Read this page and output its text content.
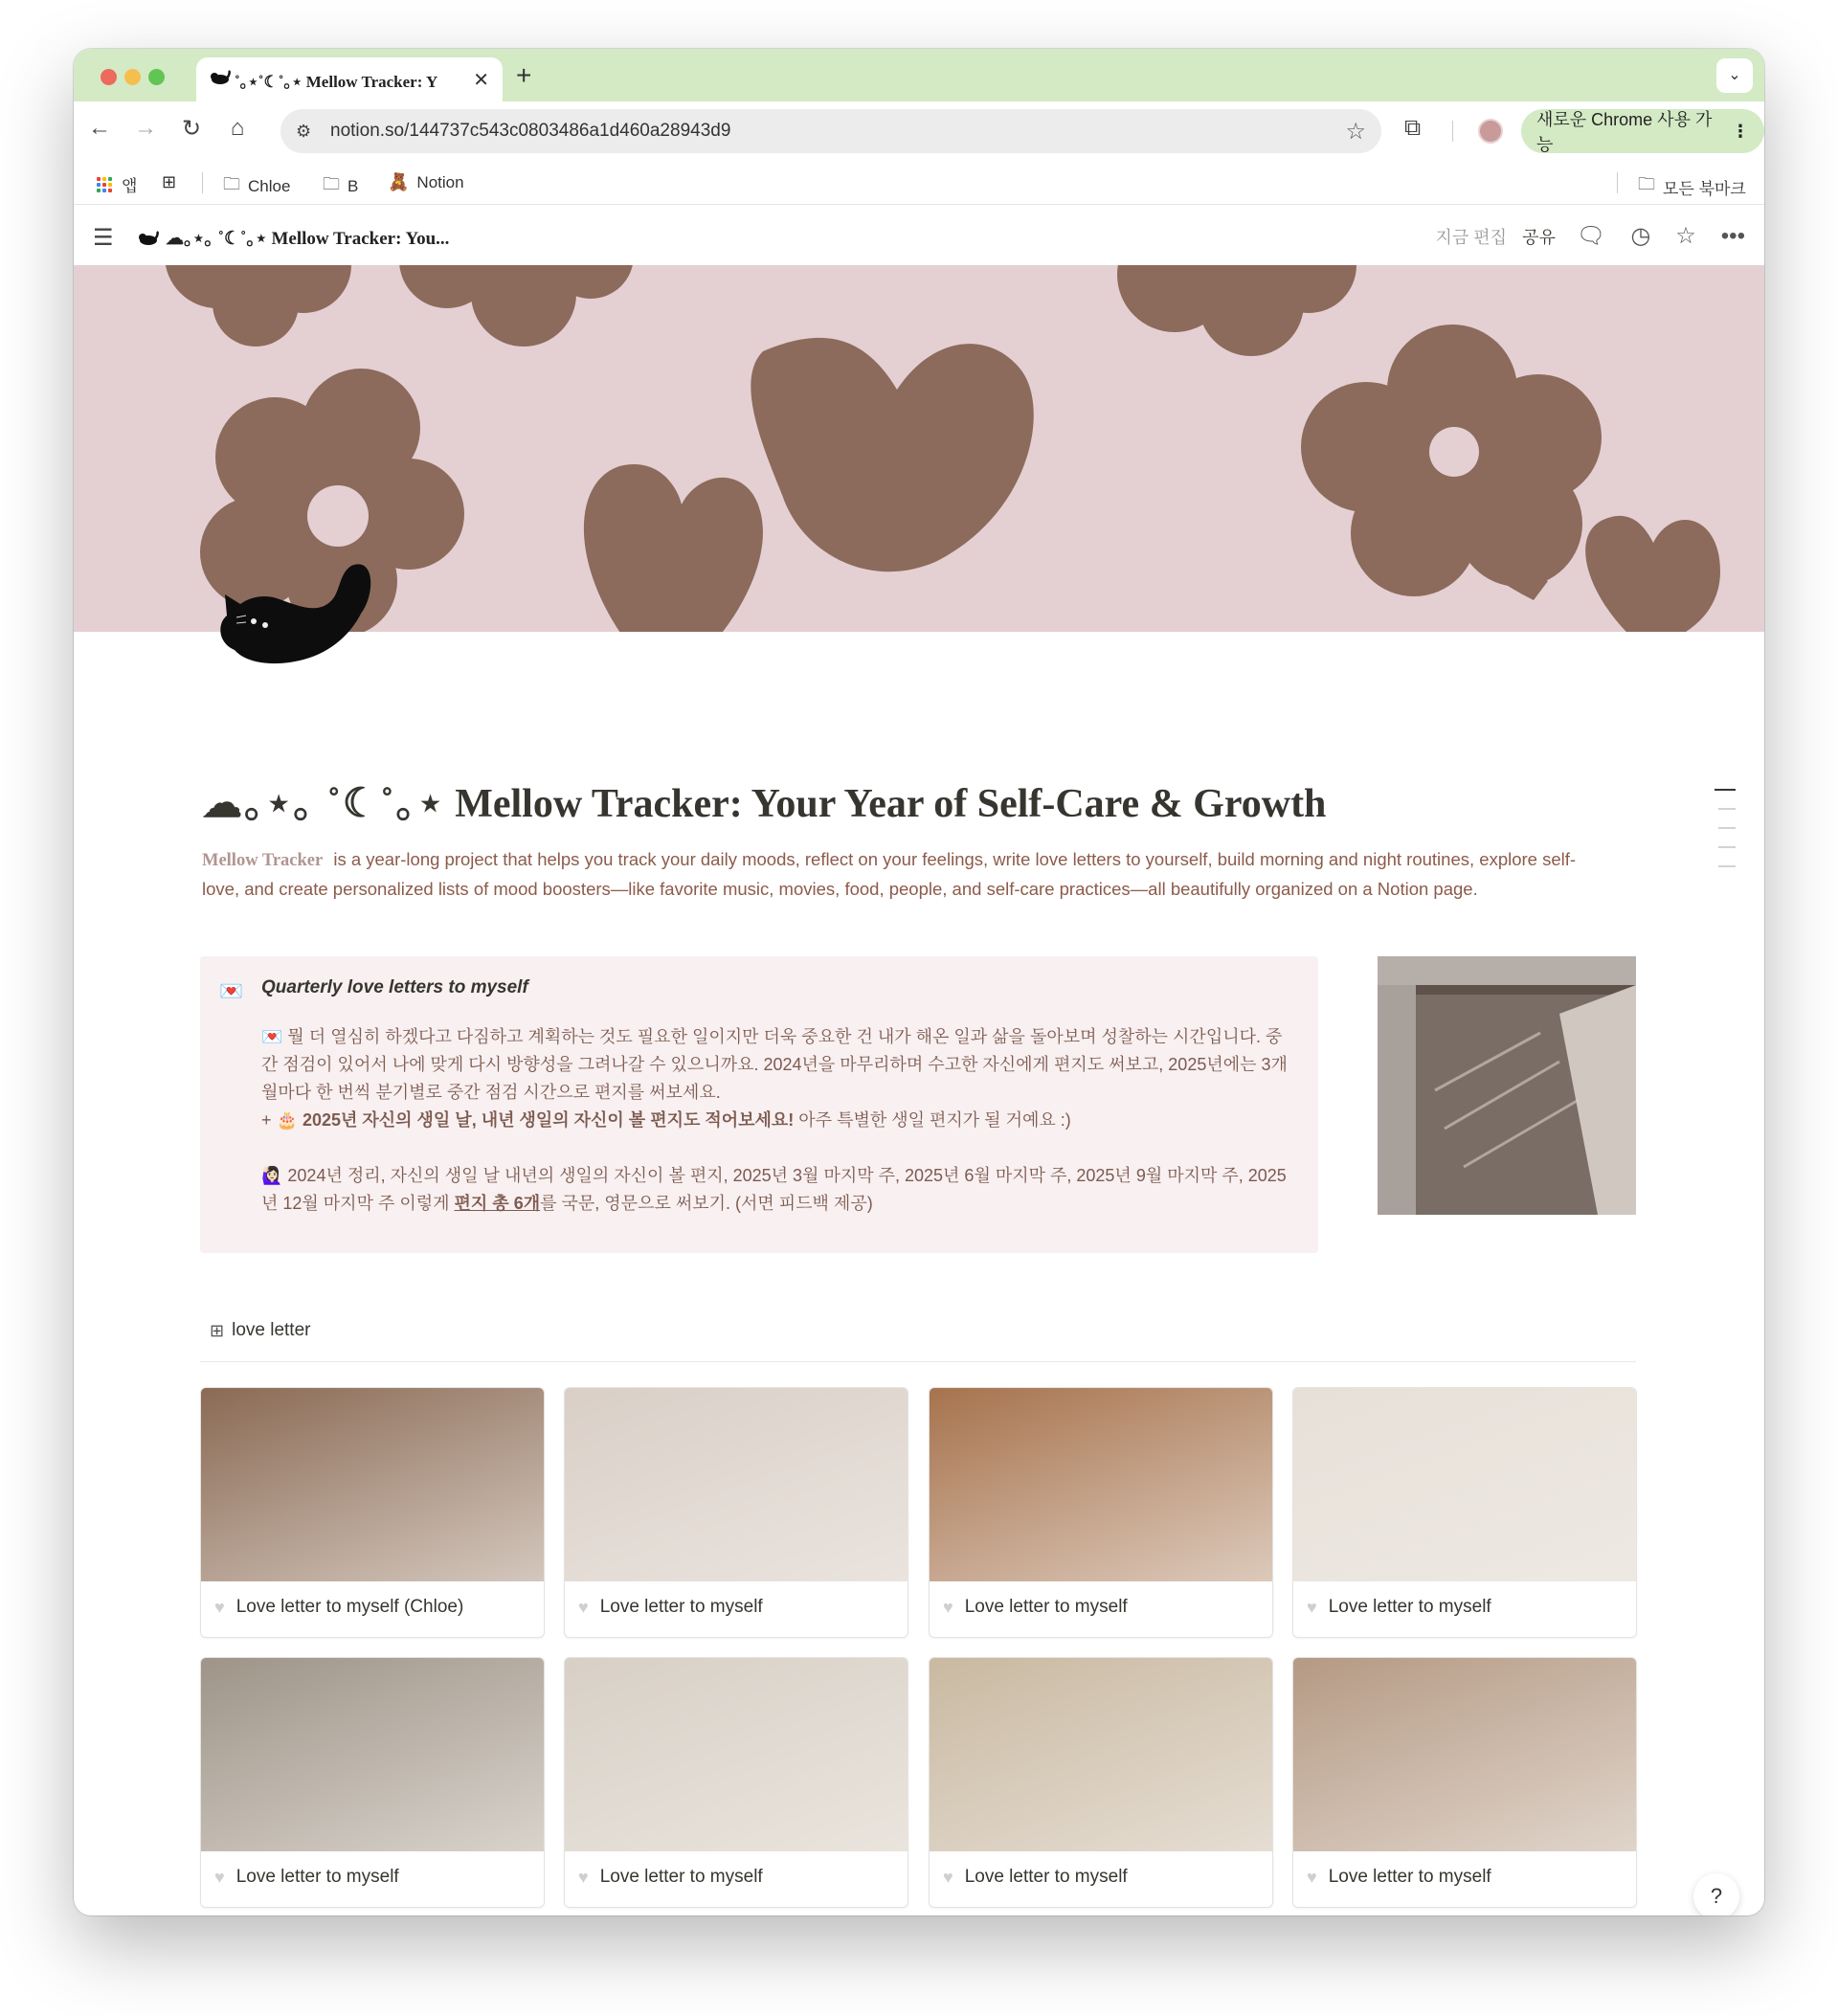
˚｡⋆˚☾˚｡⋆ Mellow Tracker: Y	✕ +	⌄
← → ↻	⌂	⚙	notion.so/144737c543c0803486a1d460a28943d9	☆ ⧉	새로운 Chrome 사용 가능
⋮
앱 ⊞	🗀 Chloe 🗀 B 🧸 Notion	🗀 모든 북마크
☰	☁︎｡⋆｡ ˚☾˚｡⋆ Mellow Tracker: You...	지금 편집 공유 🗨 ◷ ☆ •••
☁︎｡⋆｡ ˚☾˚｡⋆ Mellow Tracker: Your Year of Self-Care & Growth
Mellow Tracker is a year-long project that helps you track your daily moods, reflect on your feelings, write love letters to yourself, build morning and night routines, explore self-love, and create personalized lists of mood boosters—like favorite music, movies, food, people, and self-care practices—all beautifully organized on a Notion page.
💌 Quarterly love letters to myself

💌 뭘 더 열심히 하겠다고 다짐하고 계획하는 것도 필요한 일이지만 더욱 중요한 건 내가 해온 일과 삶을 돌아보며 성찰하는 시간입니다. 중간 점검이 있어서 나에 맞게 다시 방향성을 그려나갈 수 있으니까요. 2024년을 마무리하며 수고한 자신에게 편지도 써보고, 2025년에는 3개월마다 한 번씩 분기별로 중간 점검 시간으로 편지를 써보세요.

+ 🎂 2025년 자신의 생일 날, 내년 생일의 자신이 볼 편지도 적어보세요! 아주 특별한 생일 편지가 될 거예요 :)

🙋🏻‍♀️ 2024년 정리, 자신의 생일 날 내년의 생일의 자신이 볼 편지, 2025년 3월 마지막 주, 2025년 6월 마지막 주, 2025년 9월 마지막 주, 2025년 12월 마지막 주 이렇게 편지 총 6개를 국문, 영문으로 써보기. (서면 피드백 제공)

⊞ love letter
♥ Love letter to myself (Chloe)	♥ Love letter to myself	♥ Love letter to myself	♥ Love letter to myself
♥ Love letter to myself	♥ Love letter to myself	♥ Love letter to myself	♥ Love letter to myself
?
